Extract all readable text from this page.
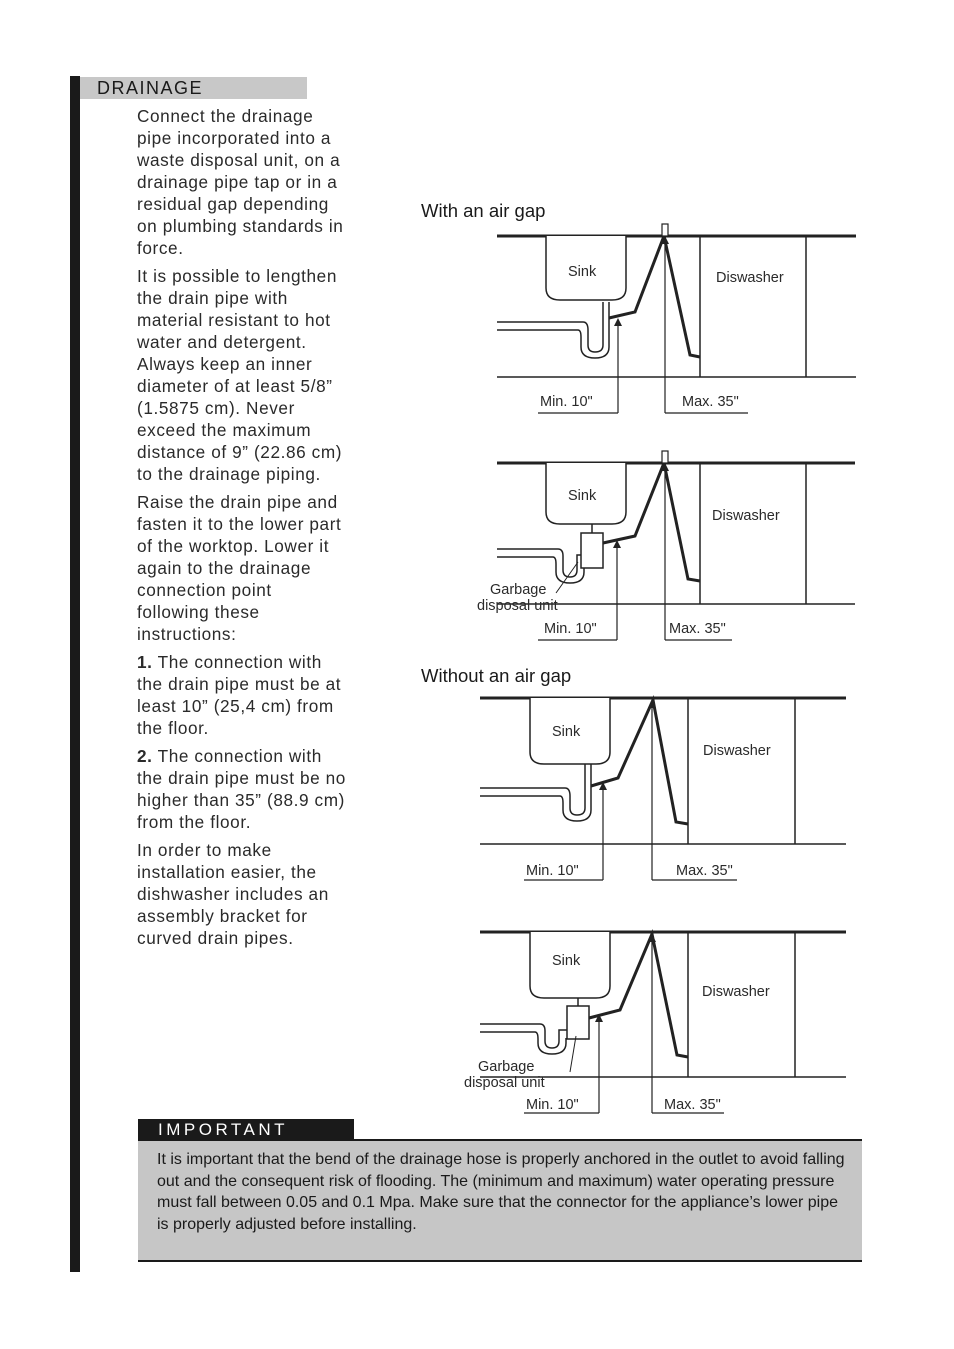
DRAINAGE

Connect the drainage pipe incorporated into a waste disposal unit, on a drainage pipe tap or in a residual gap depending on plumbing standards in force.

It is possible to lengthen the drain pipe with material resistant to hot water and detergent. Always keep an inner diameter of at least 5/8” (1.5875 cm). Never exceed the maximum distance of 9” (22.86 cm) to the drainage piping.

Raise the drain pipe and fasten it to the lower part of the worktop. Lower it again to the drainage connection point following these instructions:

1. The connection with the drain pipe must be at least 10” (25,4 cm) from the floor.

2. The connection with the drain pipe must be no higher than 35” (88.9 cm) from the floor.

In order to make installation easier, the dishwasher includes an assembly bracket for curved drain pipes.

With an air gap
Without an air gap
Sink	Diswasher
Min. 10"	Max. 35"
Sink
Diswasher
Garbage
disposal unit
Min. 10"	Max. 35"
Sink
Diswasher
Min. 10"	Max. 35"
Sink
Diswasher
Garbage
disposal unit
Min. 10"	Max. 35"
IMPORTANT

It is important that the bend of the drainage hose is properly anchored in the outlet to avoid falling out and the consequent risk of flooding. The (minimum and maximum) water operating pressure must fall between 0.05 and 0.1 Mpa. Make sure that the connector for the appliance’s lower pipe is properly adjusted before installing.
